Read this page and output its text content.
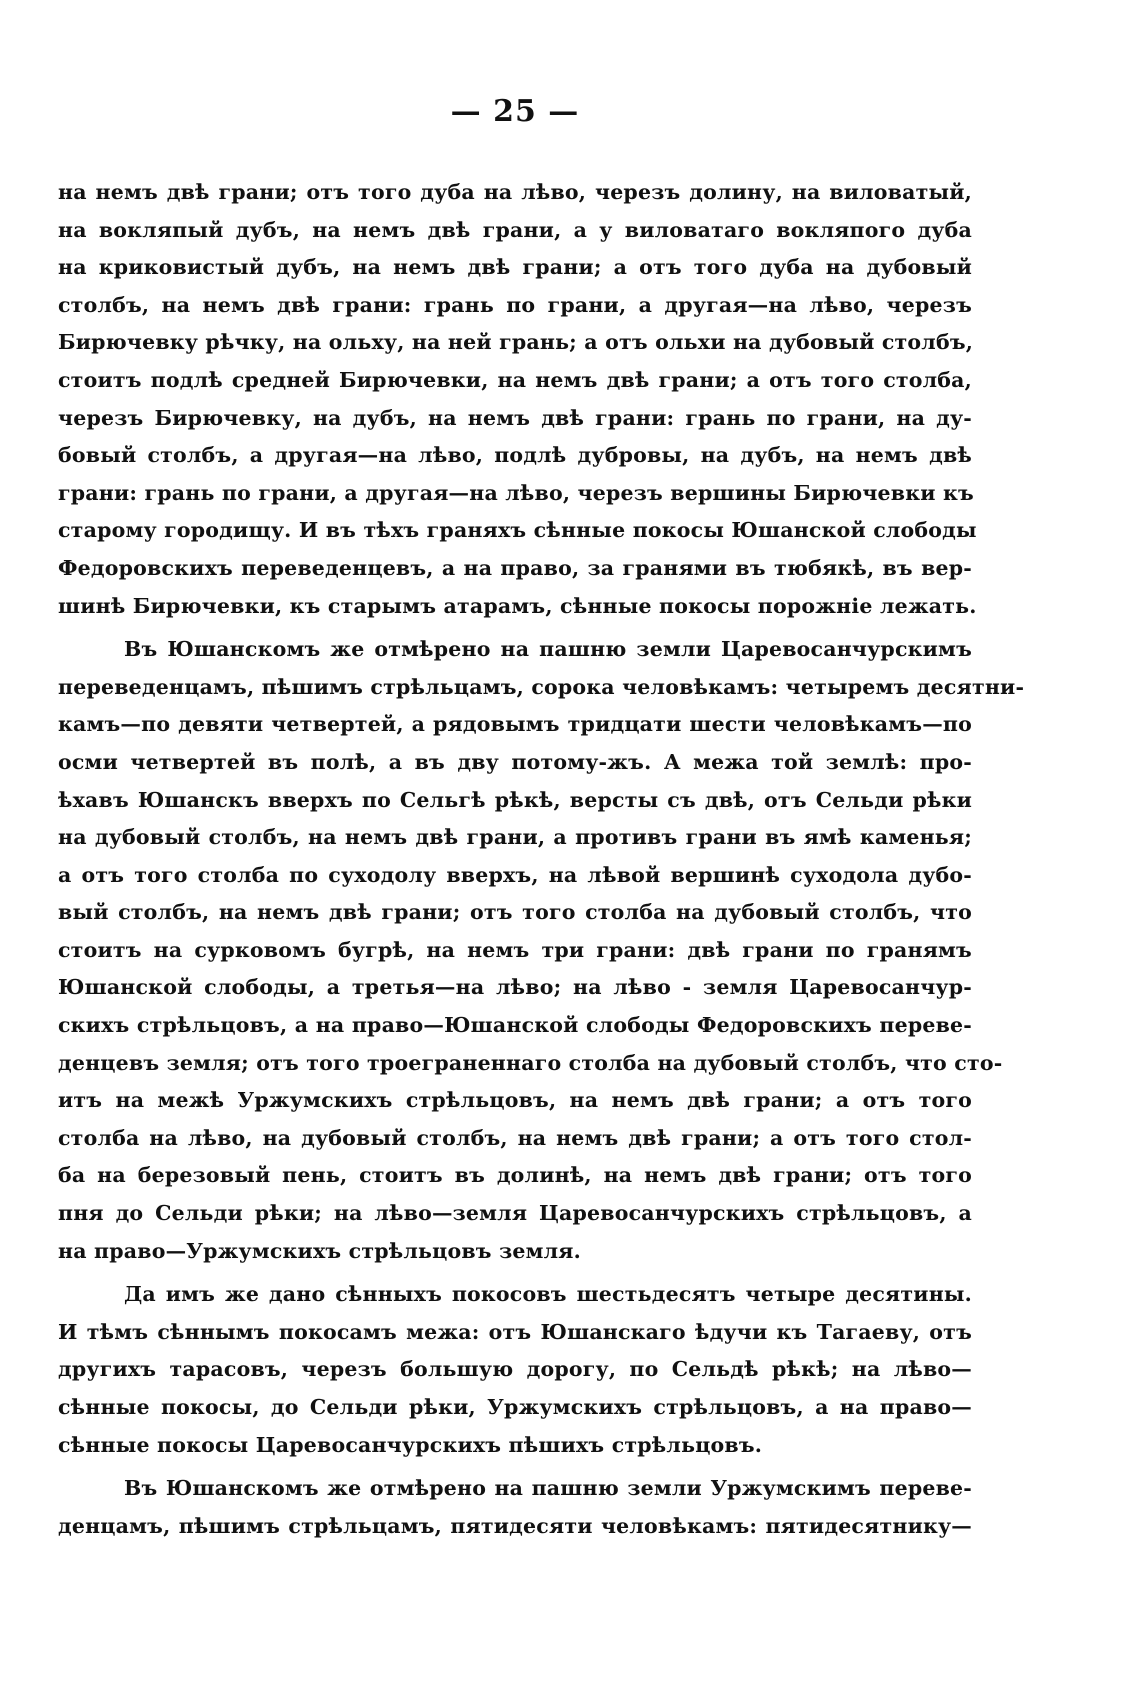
— 25 —
на немъ двѣ грани; отъ того дуба на лѣво, черезъ долину, на виловатый,
на вокляпый дубъ, на немъ двѣ грани, а у виловатаго вокляпого дуба
на криковистый дубъ, на немъ двѣ грани; а отъ того дуба на дубовый
столбъ, на немъ двѣ грани: грань по грани, а другая—на лѣво, черезъ
Бирючевку рѣчку, на ольху, на ней грань; а отъ ольхи на дубовый столбъ,
стоитъ подлѣ средней Бирючевки, на немъ двѣ грани; а отъ того столба,
черезъ Бирючевку, на дубъ, на немъ двѣ грани: грань по грани, на ду-
бовый столбъ, а другая—на лѣво, подлѣ дубровы, на дубъ, на немъ двѣ
грани: грань по грани, а другая—на лѣво, черезъ вершины Бирючевки къ
старому городищу. И въ тѣхъ граняхъ сѣнные покосы Юшанской слободы
Федоровскихъ переведенцевъ, а на право, за гранями въ тюбякѣ, въ вер-
шинѣ Бирючевки, къ старымъ атарамъ, сѣнные покосы порожніе лежать.
Въ Юшанскомъ же отмѣрено на пашню земли Царевосанчурскимъ
переведенцамъ, пѣшимъ стрѣльцамъ, сорока человѣкамъ: четыремъ десятни-
камъ—по девяти четвертей, а рядовымъ тридцати шести человѣкамъ—по
осми четвертей въ полѣ, а въ дву потому-жъ. А межа той землѣ: про-
ѣхавъ Юшанскъ вверхъ по Сельгѣ рѣкѣ, версты съ двѣ, отъ Сельди рѣки
на дубовый столбъ, на немъ двѣ грани, а противъ грани въ ямѣ каменья;
а отъ того столба по суходолу вверхъ, на лѣвой вершинѣ суходола дубо-
вый столбъ, на немъ двѣ грани; отъ того столба на дубовый столбъ, что
стоитъ на сурковомъ бугрѣ, на немъ три грани: двѣ грани по гранямъ
Юшанской слободы, а третья—на лѣво; на лѣво - земля Царевосанчур-
скихъ стрѣльцовъ, а на право—Юшанской слободы Федоровскихъ переве-
денцевъ земля; отъ того троеграненнаго столба на дубовый столбъ, что сто-
итъ на межѣ Уржумскихъ стрѣльцовъ, на немъ двѣ грани; а отъ того
столба на лѣво, на дубовый столбъ, на немъ двѣ грани; а отъ того стол-
ба на березовый пень, стоитъ въ долинѣ, на немъ двѣ грани; отъ того
пня до Сельди рѣки; на лѣво—земля Царевосанчурскихъ стрѣльцовъ, а
на право—Уржумскихъ стрѣльцовъ земля.
Да имъ же дано сѣнныхъ покосовъ шестьдесятъ четыре десятины.
И тѣмъ сѣннымъ покосамъ межа: отъ Юшанскаго ѣдучи къ Тагаеву, отъ
другихъ тарасовъ, черезъ большую дорогу, по Сельдѣ рѣкѣ; на лѣво—
сѣнные покосы, до Сельди рѣки, Уржумскихъ стрѣльцовъ, а на право—
сѣнные покосы Царевосанчурскихъ пѣшихъ стрѣльцовъ.
Въ Юшанскомъ же отмѣрено на пашню земли Уржумскимъ переве-
денцамъ, пѣшимъ стрѣльцамъ, пятидесяти человѣкамъ: пятидесятнику—
